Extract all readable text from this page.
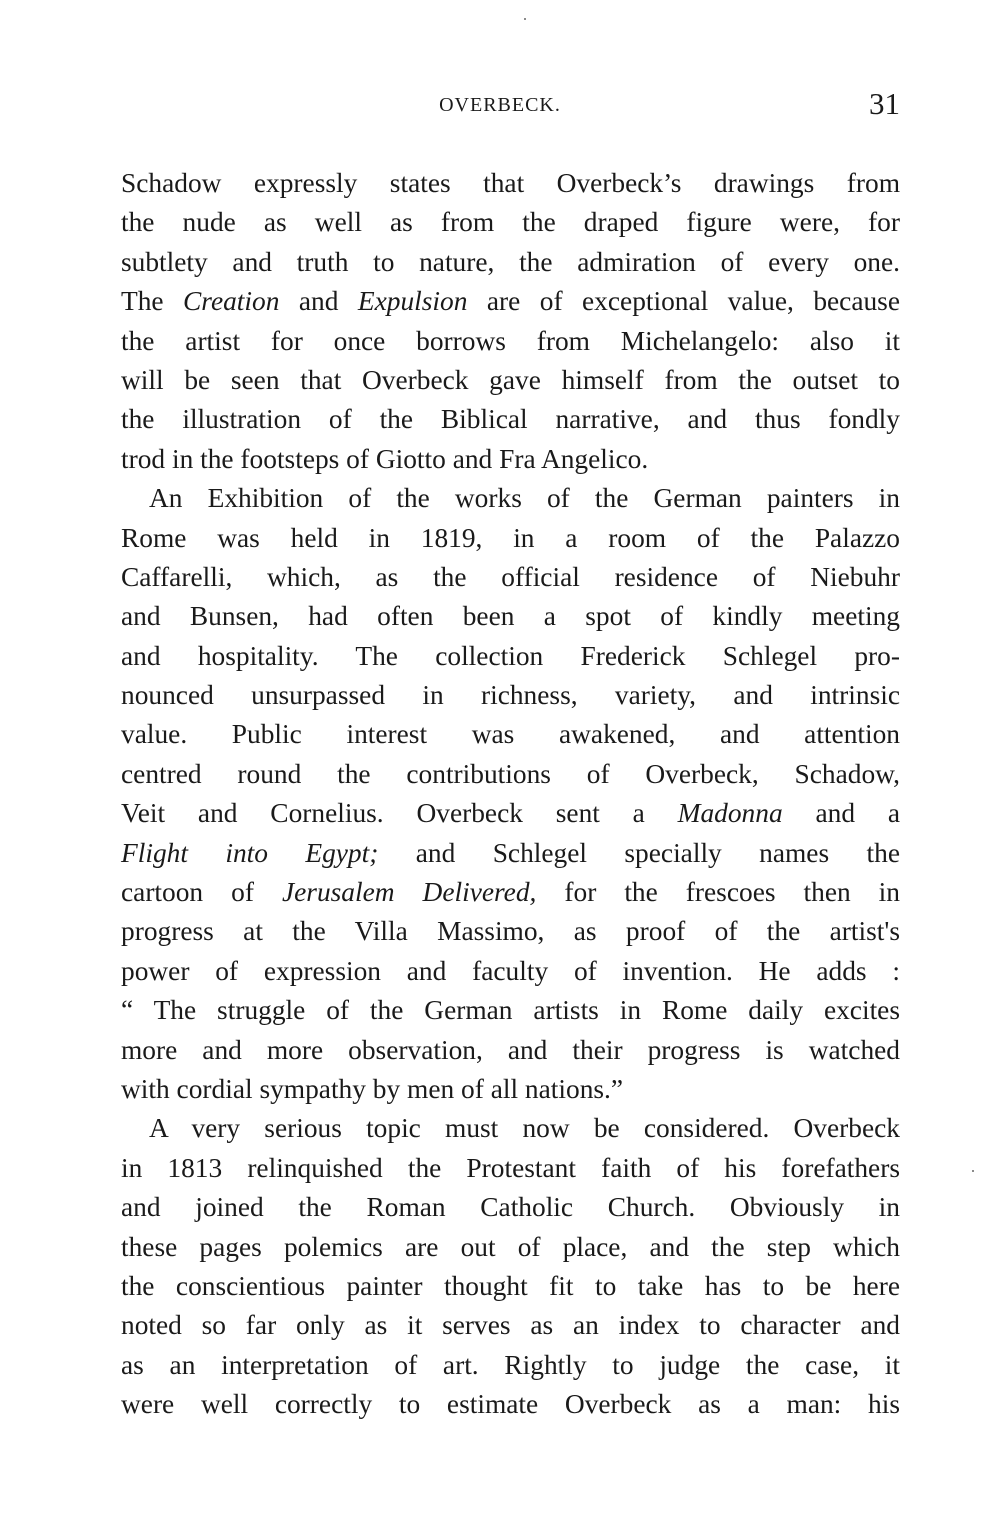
OVERBECK.	31
Schadow expressly states that Overbeck’s drawings from
the nude as well as from the draped figure were, for
subtlety and truth to nature, the admiration of every one.
The Creation and Expulsion are of exceptional value, because
the artist for once borrows from Michelangelo: also it
will be seen that Overbeck gave himself from the outset to
the illustration of the Biblical narrative, and thus fondly
trod in the footsteps of Giotto and Fra Angelico.
An Exhibition of the works of the German painters in
Rome was held in 1819, in a room of the Palazzo
Caffarelli, which, as the official residence of Niebuhr
and Bunsen, had often been a spot of kindly meeting
and hospitality. The collection Frederick Schlegel pro-
nounced unsurpassed in richness, variety, and intrinsic
value. Public interest was awakened, and attention
centred round the contributions of Overbeck, Schadow,
Veit and Cornelius. Overbeck sent a Madonna and a
Flight into Egypt; and Schlegel specially names the
cartoon of Jerusalem Delivered, for the frescoes then in
progress at the Villa Massimo, as proof of the artist's
power of expression and faculty of invention. He adds :
“ The struggle of the German artists in Rome daily excites
more and more observation, and their progress is watched
with cordial sympathy by men of all nations.”
A very serious topic must now be considered. Overbeck
in 1813 relinquished the Protestant faith of his forefathers
and joined the Roman Catholic Church. Obviously in
these pages polemics are out of place, and the step which
the conscientious painter thought fit to take has to be here
noted so far only as it serves as an index to character and
as an interpretation of art. Rightly to judge the case, it
were well correctly to estimate Overbeck as a man: his
